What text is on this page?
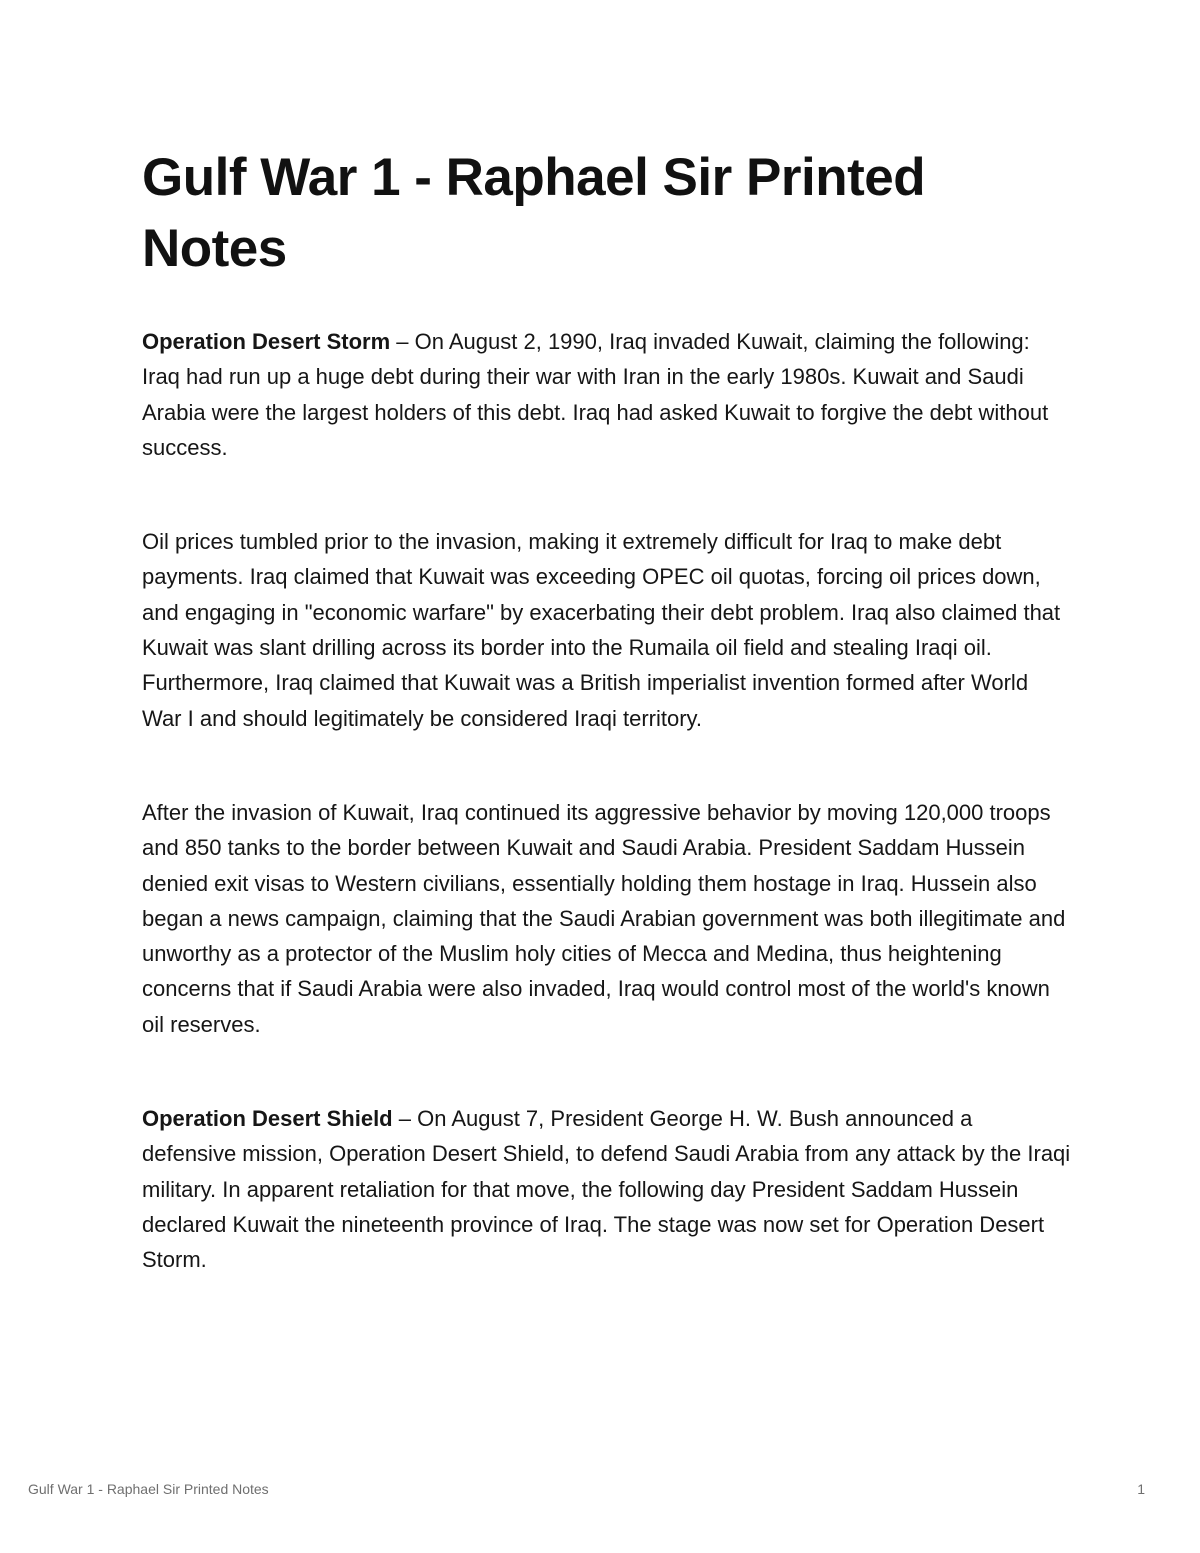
Gulf War 1 - Raphael Sir Printed Notes

Operation Desert Storm – On August 2, 1990, Iraq invaded Kuwait, claiming the following: Iraq had run up a huge debt during their war with Iran in the early 1980s. Kuwait and Saudi Arabia were the largest holders of this debt. Iraq had asked Kuwait to forgive the debt without success.

Oil prices tumbled prior to the invasion, making it extremely difficult for Iraq to make debt payments. Iraq claimed that Kuwait was exceeding OPEC oil quotas, forcing oil prices down, and engaging in "economic warfare" by exacerbating their debt problem. Iraq also claimed that Kuwait was slant drilling across its border into the Rumaila oil field and stealing Iraqi oil. Furthermore, Iraq claimed that Kuwait was a British imperialist invention formed after World War I and should legitimately be considered Iraqi territory.

After the invasion of Kuwait, Iraq continued its aggressive behavior by moving 120,000 troops and 850 tanks to the border between Kuwait and Saudi Arabia. President Saddam Hussein denied exit visas to Western civilians, essentially holding them hostage in Iraq. Hussein also began a news campaign, claiming that the Saudi Arabian government was both illegitimate and unworthy as a protector of the Muslim holy cities of Mecca and Medina, thus heightening concerns that if Saudi Arabia were also invaded, Iraq would control most of the world's known oil reserves.

Operation Desert Shield – On August 7, President George H. W. Bush announced a defensive mission, Operation Desert Shield, to defend Saudi Arabia from any attack by the Iraqi military. In apparent retaliation for that move, the following day President Saddam Hussein declared Kuwait the nineteenth province of Iraq. The stage was now set for Operation Desert Storm.

Gulf War 1 - Raphael Sir Printed Notes	1
